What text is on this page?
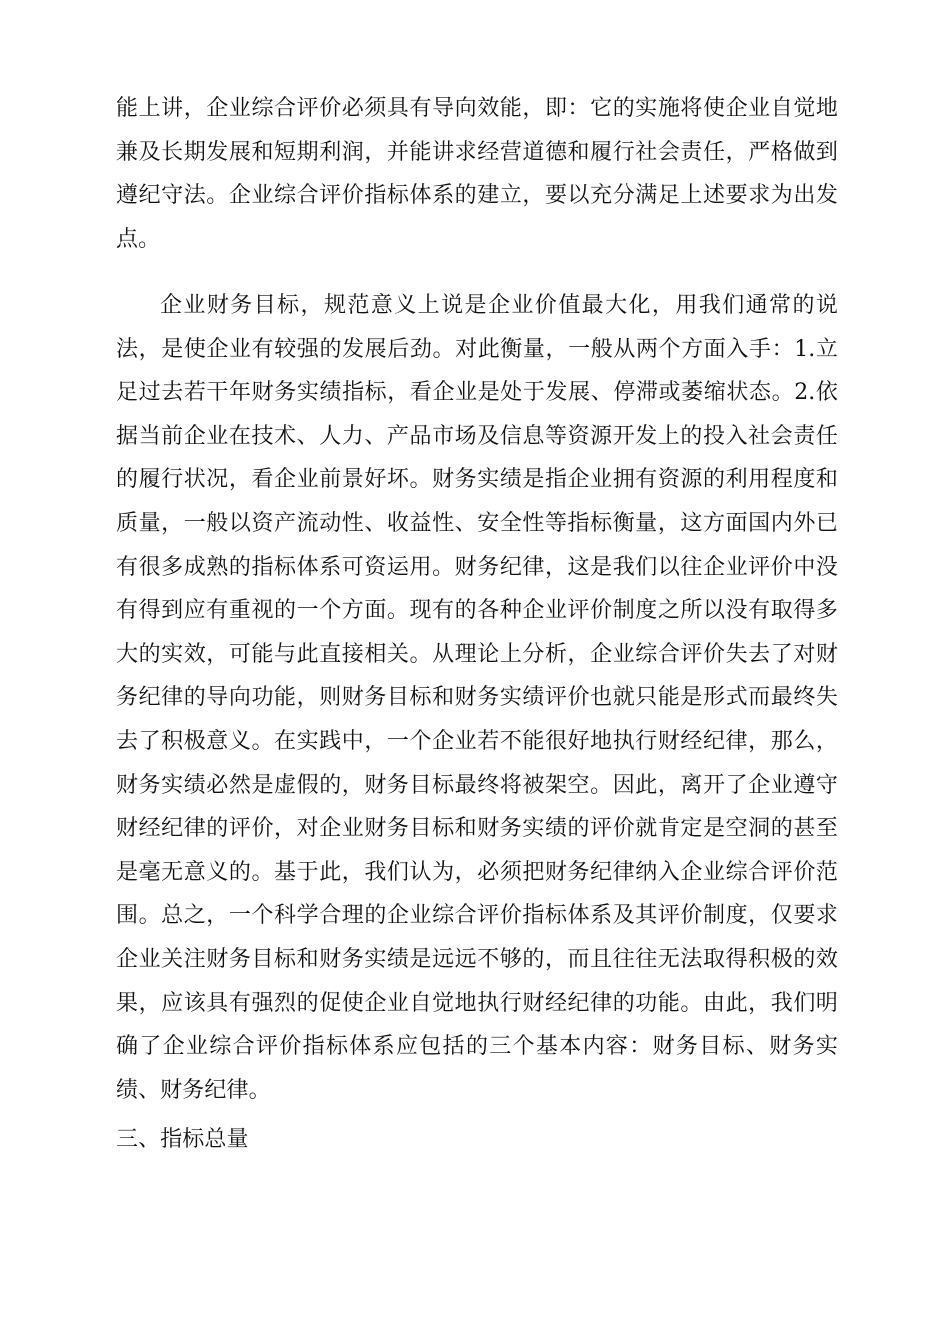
能上讲，企业综合评价必须具有导向效能，即：它的实施将使企业自觉地兼及长期发展和短期利润，并能讲求经营道德和履行社会责任，严格做到遵纪守法。企业综合评价指标体系的建立，要以充分满足上述要求为出发点。

企业财务目标，规范意义上说是企业价值最大化，用我们通常的说法，是使企业有较强的发展后劲。对此衡量，一般从两个方面入手：1.立足过去若干年财务实绩指标，看企业是处于发展、停滞或萎缩状态。2.依据当前企业在技术、人力、产品市场及信息等资源开发上的投入社会责任的履行状况，看企业前景好坏。财务实绩是指企业拥有资源的利用程度和质量，一般以资产流动性、收益性、安全性等指标衡量，这方面国内外已有很多成熟的指标体系可资运用。财务纪律，这是我们以往企业评价中没有得到应有重视的一个方面。现有的各种企业评价制度之所以没有取得多大的实效，可能与此直接相关。从理论上分析，企业综合评价失去了对财务纪律的导向功能，则财务目标和财务实绩评价也就只能是形式而最终失去了积极意义。在实践中，一个企业若不能很好地执行财经纪律，那么，财务实绩必然是虚假的，财务目标最终将被架空。因此，离开了企业遵守财经纪律的评价，对企业财务目标和财务实绩的评价就肯定是空洞的甚至是毫无意义的。基于此，我们认为，必须把财务纪律纳入企业综合评价范围。总之，一个科学合理的企业综合评价指标体系及其评价制度，仅要求企业关注财务目标和财务实绩是远远不够的，而且往往无法取得积极的效果，应该具有强烈的促使企业自觉地执行财经纪律的功能。由此，我们明确了企业综合评价指标体系应包括的三个基本内容：财务目标、财务实绩、财务纪律。

三、指标总量
